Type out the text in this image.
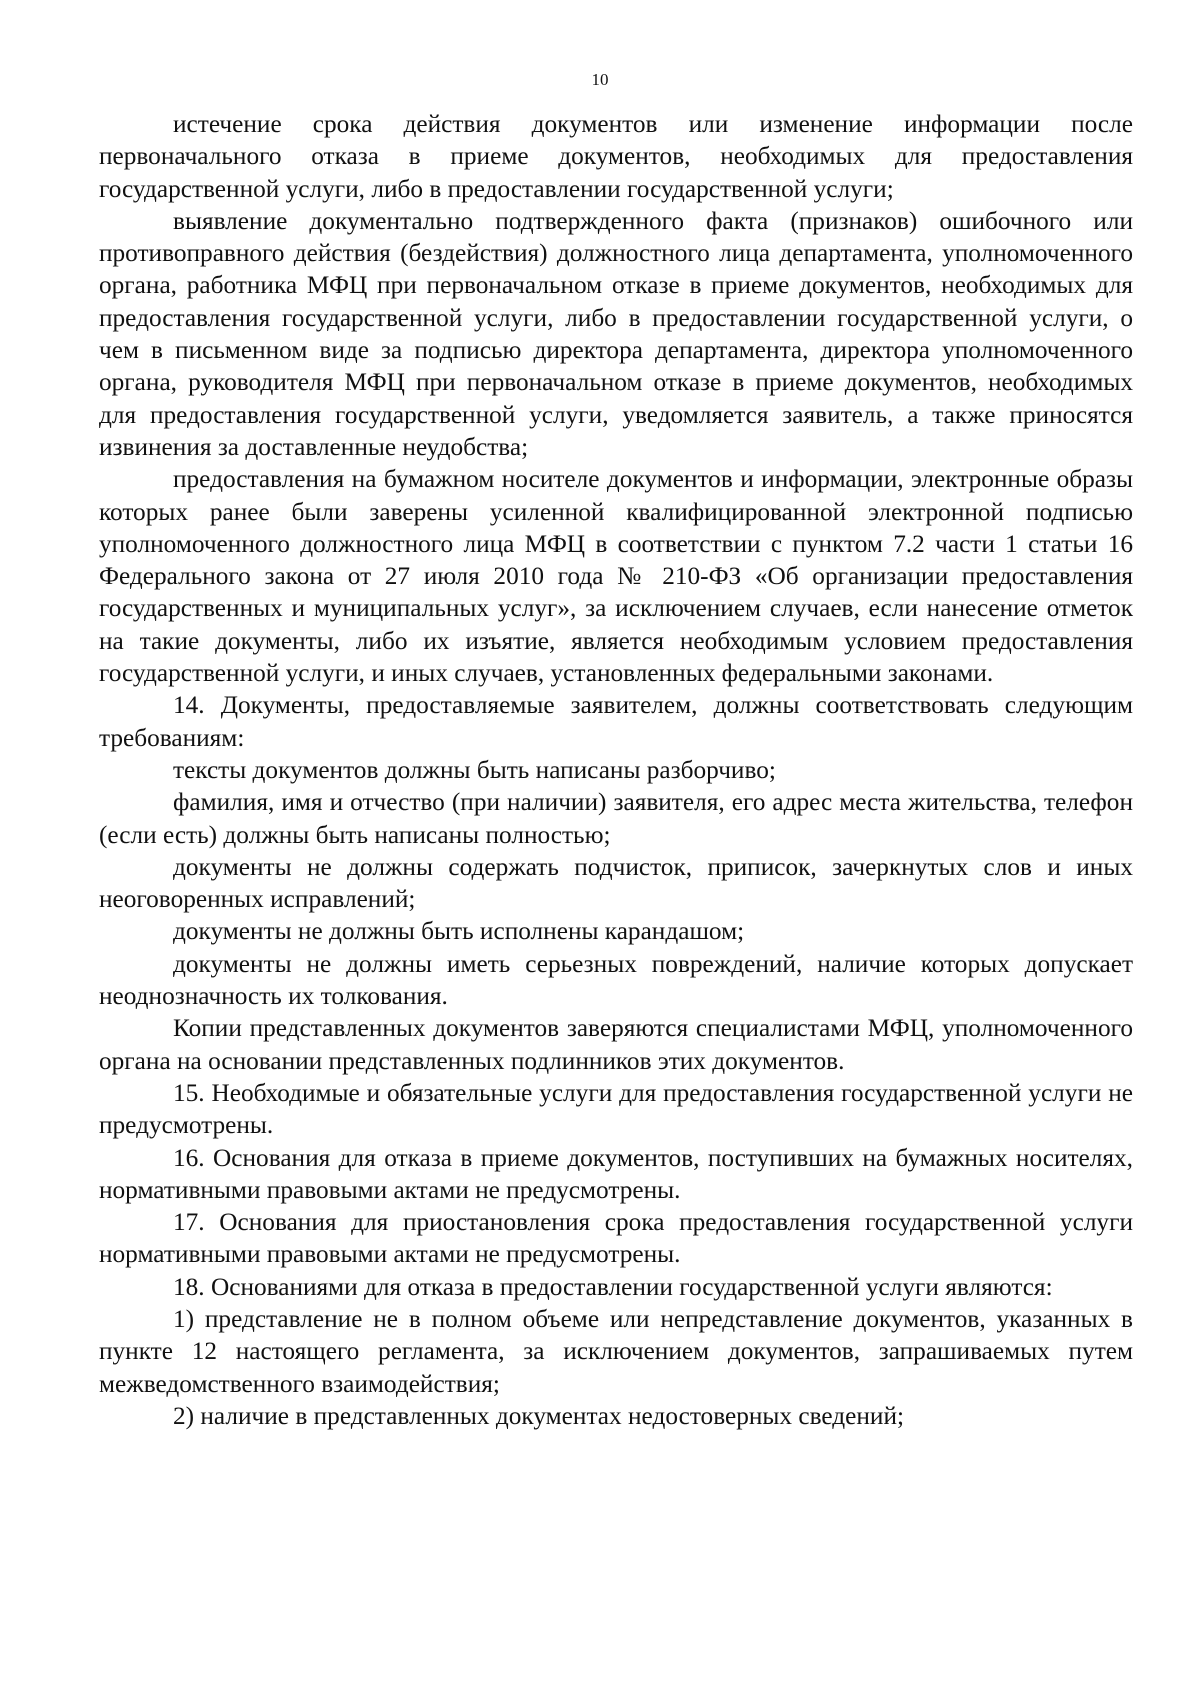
10

истечение срока действия документов или изменение информации после первоначального отказа в приеме документов, необходимых для предоставления государственной услуги, либо в предоставлении государственной услуги;

выявление документально подтвержденного факта (признаков) ошибочного или противоправного действия (бездействия) должностного лица департамента, уполномоченного органа, работника МФЦ при первоначальном отказе в приеме документов, необходимых для предоставления государственной услуги, либо в предоставлении государственной услуги, о чем в письменном виде за подписью директора департамента, директора уполномоченного органа, руководителя МФЦ при первоначальном отказе в приеме документов, необходимых для предоставления государственной услуги, уведомляется заявитель, а также приносятся извинения за доставленные неудобства;

предоставления на бумажном носителе документов и информации, электронные образы которых ранее были заверены усиленной квалифицированной электронной подписью уполномоченного должностного лица МФЦ в соответствии с пунктом 7.2 части 1 статьи 16 Федерального закона от 27 июля 2010 года № 210-ФЗ «Об организации предоставления государственных и муниципальных услуг», за исключением случаев, если нанесение отметок на такие документы, либо их изъятие, является необходимым условием предоставления государственной услуги, и иных случаев, установленных федеральными законами.

14. Документы, предоставляемые заявителем, должны соответствовать следующим требованиям:

тексты документов должны быть написаны разборчиво;

фамилия, имя и отчество (при наличии) заявителя, его адрес места жительства, телефон (если есть) должны быть написаны полностью;

документы не должны содержать подчисток, приписок, зачеркнутых слов и иных неоговоренных исправлений;

документы не должны быть исполнены карандашом;

документы не должны иметь серьезных повреждений, наличие которых допускает неоднозначность их толкования.

Копии представленных документов заверяются специалистами МФЦ, уполномоченного органа на основании представленных подлинников этих документов.

15. Необходимые и обязательные услуги для предоставления государственной услуги не предусмотрены.

16. Основания для отказа в приеме документов, поступивших на бумажных носителях, нормативными правовыми актами не предусмотрены.

17. Основания для приостановления срока предоставления государственной услуги нормативными правовыми актами не предусмотрены.

18. Основаниями для отказа в предоставлении государственной услуги являются:

1) представление не в полном объеме или непредставление документов, указанных в пункте 12 настоящего регламента, за исключением документов, запрашиваемых путем межведомственного взаимодействия;

2) наличие в представленных документах недостоверных сведений;
